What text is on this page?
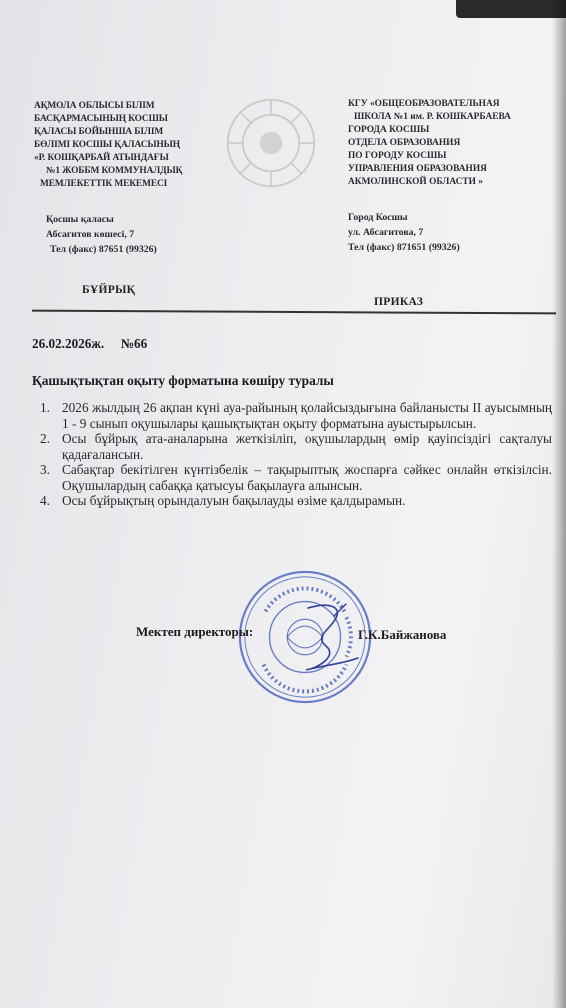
АҚМОЛА ОБЛЫСЫ БІЛІМ
БАСҚАРМАСЫНЫҢ КОСШЫ
ҚАЛАСЫ БОЙЫНША БІЛІМ
БӨЛІМІ КОСШЫ ҚАЛАСЫНЫҢ
«Р. КОШҚАРБАЙ АТЫНДАҒЫ
№1 ЖОББМ КОММУНАЛДЫҚ
МЕМЛЕКЕТТІК МЕКЕМЕСІ
КГУ «ОБЩЕОБРАЗОВАТЕЛЬНАЯ
ШКОЛА №1 им. Р. КОШКАРБАЕВА
ГОРОДА КОСШЫ
ОТДЕЛА ОБРАЗОВАНИЯ
ПО ГОРОДУ КОСШЫ
УПРАВЛЕНИЯ ОБРАЗОВАНИЯ
АКМОЛИНСКОЙ ОБЛАСТИ »
Қосшы қаласы
Абсагитов көшесі, 7
Тел (факс) 87651 (99326)
Город Косшы
ул. Абсагитова, 7
Тел (факс) 871651 (99326)
БҰЙРЫҚ
ПРИКАЗ
26.02.2026ж. №66
Қашықтықтан оқыту форматына көшіру туралы
1. 2026 жылдың 26 ақпан күні ауа-райының қолайсыздығына байланысты ІІ ауысымның 1 - 9 сынып оқушылары қашықтықтан оқыту форматына ауыстырылсын.
2. Осы бұйрық ата-аналарына жеткізіліп, оқушылардың өмір қауіпсіздігі сақталуы қадағалансын.
3. Сабақтар бекітілген күнтізбелік – тақырыптық жоспарға сәйкес онлайн өткізілсін. Оқушылардың сабаққа қатысуы бақылауға алынсын.
4. Осы бұйрықтың орындалуын бақылауды өзіме қалдырамын.
Мектеп директоры:	Г.К.Байжанова
